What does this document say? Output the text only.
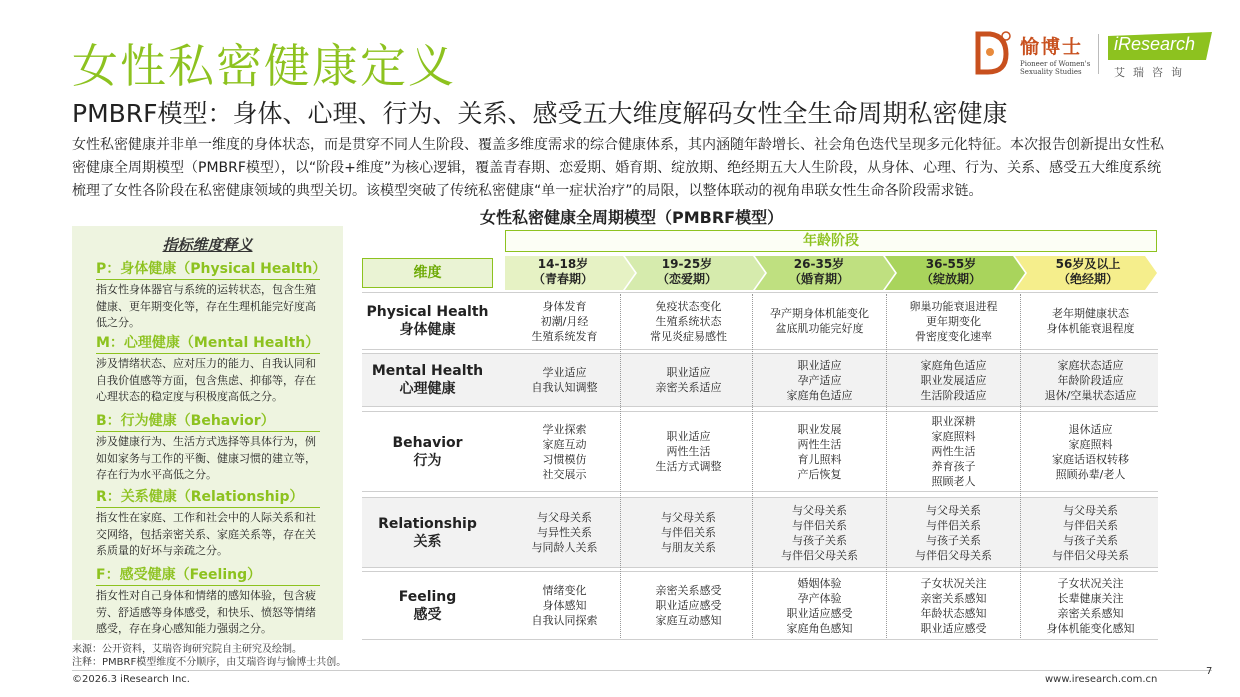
女性私密健康定义
PMBRF模型：身体、心理、行为、关系、感受五大维度解码女性全生命周期私密健康
女性私密健康并非单一维度的身体状态，而是贯穿不同人生阶段、覆盖多维度需求的综合健康体系，其内涵随年龄增长、社会角色迭代呈现多元化特征。本次报告创新提出女性私密健康全周期模型（PMBRF模型），以“阶段+维度”为核心逻辑，覆盖青春期、恋爱期、婚育期、绽放期、绝经期五大人生阶段，从身体、心理、行为、关系、感受五大维度系统梳理了女性各阶段在私密健康领域的典型关切。该模型突破了传统私密健康“单一症状治疗”的局限，以整体联动的视角串联女性生命各阶段需求链。
愉博士
Pioneer of Women's Sexuality Studies
iResearch
艾瑞咨询
指标维度释义
P：身体健康（Physical Health）
指女性身体器官与系统的运转状态，包含生殖健康、更年期变化等，存在生理机能完好度高低之分。
M：心理健康（Mental Health）
涉及情绪状态、应对压力的能力、自我认同和自我价值感等方面，包含焦虑、抑郁等，存在心理状态的稳定度与积极度高低之分。
B：行为健康（Behavior）
涉及健康行为、生活方式选择等具体行为，例如如家务与工作的平衡、健康习惯的建立等，存在行为水平高低之分。
R：关系健康（Relationship）
指女性在家庭、工作和社会中的人际关系和社交网络，包括亲密关系、家庭关系等，存在关系质量的好坏与亲疏之分。
F：感受健康（Feeling）
指女性对自己身体和情绪的感知体验，包含疲劳、舒适感等身体感受，和快乐、愤怒等情绪感受，存在身心感知能力强弱之分。
女性私密健康全周期模型（PMBRF模型）
年龄阶段
维度
14-18岁
（青春期）
19-25岁
（恋爱期）
26-35岁
（婚育期）
36-55岁
（绽放期）
56岁及以上
（绝经期）
Physical Health
身体健康
Mental Health
心理健康
Behavior
行为
Relationship
关系
Feeling
感受
身体发育
初潮/月经
生殖系统发育
免疫状态变化
生殖系统状态
常见炎症易感性
孕产期身体机能变化
盆底肌功能完好度
卵巢功能衰退进程
更年期变化
骨密度变化速率
老年期健康状态
身体机能衰退程度
学业适应
自我认知调整
职业适应
亲密关系适应
职业适应
孕产适应
家庭角色适应
家庭角色适应
职业发展适应
生活阶段适应
家庭状态适应
年龄阶段适应
退休/空巢状态适应
学业探索
家庭互动
习惯模仿
社交展示
职业适应
两性生活
生活方式调整
职业发展
两性生活
育儿照料
产后恢复
职业深耕
家庭照料
两性生活
养育孩子
照顾老人
退休适应
家庭照料
家庭话语权转移
照顾孙辈/老人
与父母关系
与异性关系
与同龄人关系
与父母关系
与伴侣关系
与朋友关系
与父母关系
与伴侣关系
与孩子关系
与伴侣父母关系
与父母关系
与伴侣关系
与孩子关系
与伴侣父母关系
与父母关系
与伴侣关系
与孩子关系
与伴侣父母关系
情绪变化
身体感知
自我认同探索
亲密关系感受
职业适应感受
家庭互动感知
婚姻体验
孕产体验
职业适应感受
家庭角色感知
子女状况关注
亲密关系感知
年龄状态感知
职业适应感受
子女状况关注
长辈健康关注
亲密关系感知
身体机能变化感知
来源：公开资料，艾瑞咨询研究院自主研究及绘制。
注释：PMBRF模型维度不分顺序，由艾瑞咨询与愉博士共创。
©2026.3 iResearch Inc.	www.iresearch.com.cn
7
